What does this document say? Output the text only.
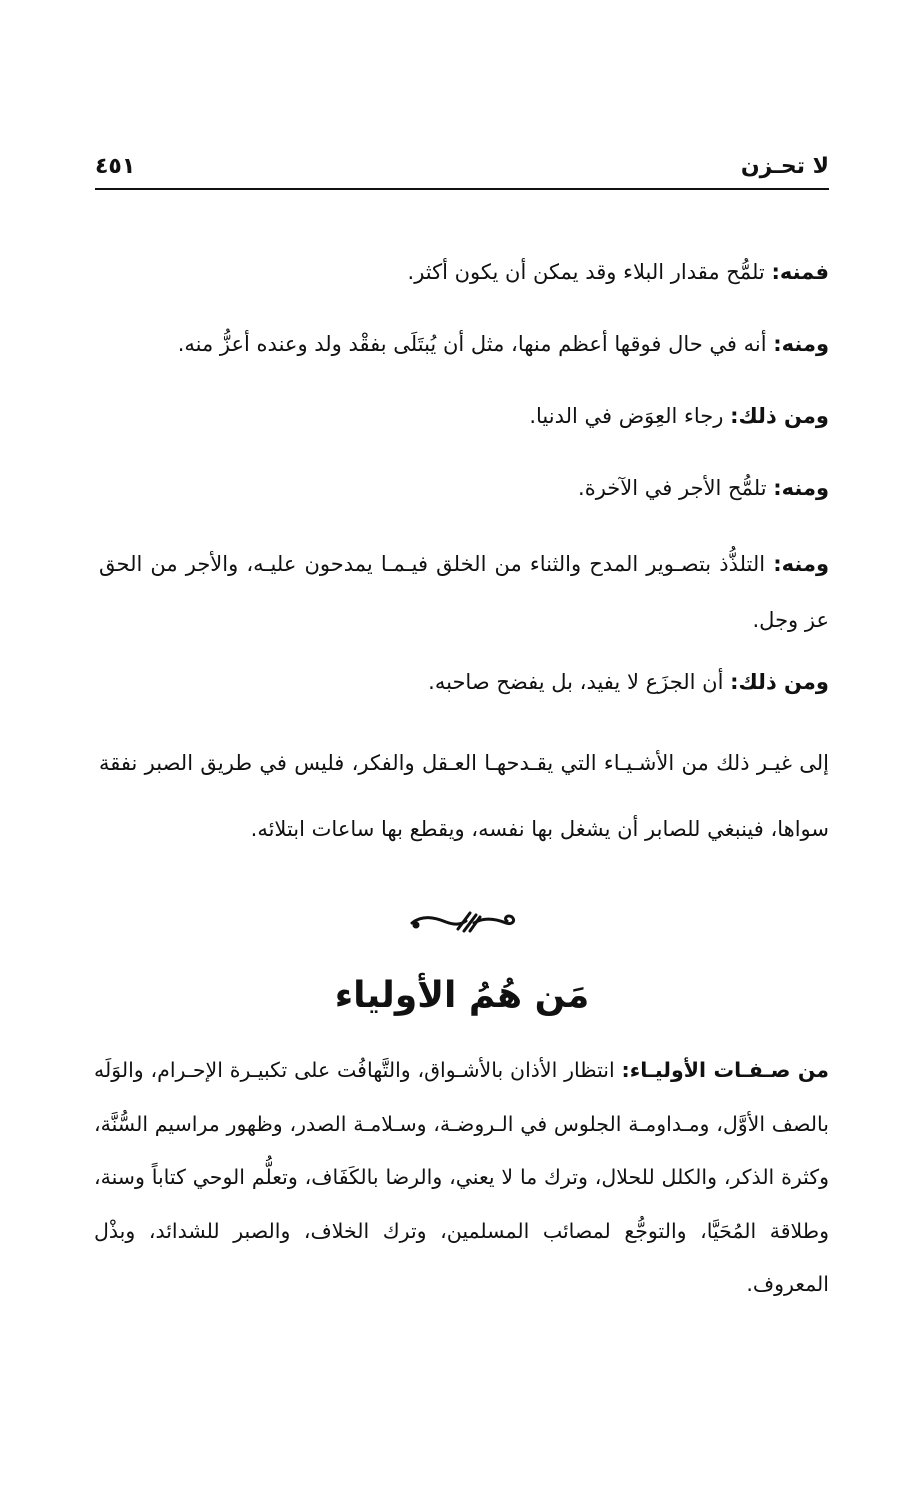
لا تحـزن
٤٥١

فمنه: تلمُّح مقدار البلاء وقد يمكن أن يكون أكثر.

ومنه: أنه في حال فوقها أعظم منها، مثل أن يُبتَلَى بفقْد ولد وعنده أعزُّ منه.

ومن ذلك: رجاء العِوَض في الدنيا.

ومنه: تلمُّح الأجر في الآخرة.

ومنه: التلذُّذ بتصـوير المدح والثناء من الخلق فيـمـا يمدحون عليـه، والأجر من الحق عز وجل.

ومن ذلك: أن الجزَع لا يفيد، بل يفضح صاحبه.

إلى غيـر ذلك من الأشـيـاء التي يقـدحهـا العـقل والفكر، فليس في طريق الصبر نفقة سواها، فينبغي للصابر أن يشغل بها نفسه، ويقطع بها ساعات ابتلائه.

مَن هُمُ الأولياء

من صـفـات الأوليـاء: انتظار الأذان بالأشـواق، والتَّهافُت على تكبيـرة الإحـرام، والوَلَه بالصف الأوَّل، ومـداومـة الجلوس في الـروضـة، وسـلامـة الصدر، وظهور مراسيم السُّنَّة، وكثرة الذكر، والكلل للحلال، وترك ما لا يعني، والرضا بالكَفَاف، وتعلُّم الوحي كتاباً وسنة، وطلاقة المُحَيَّا، والتوجُّع لمصائب المسلمين، وترك الخلاف، والصبر للشدائد، وبذْل المعروف.
